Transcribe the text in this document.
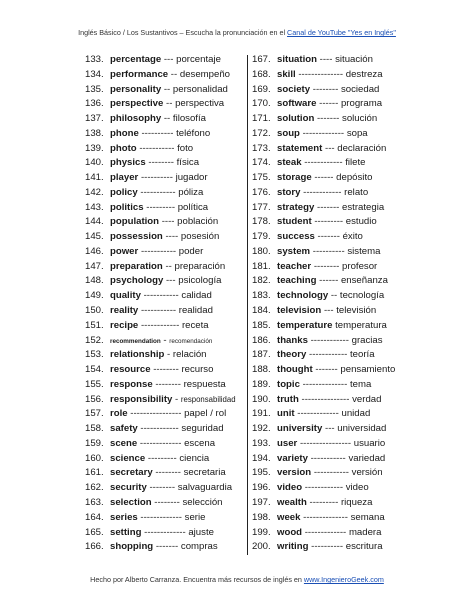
Inglés Básico / Los Sustantivos – Escucha la pronunciación en el Canal de YouTube "Yes en Inglés"
133. percentage --- porcentaje
134. performance -- desempeño
135. personality -- personalidad
136. perspective -- perspectiva
137. philosophy -- filosofía
138. phone ---------- teléfono
139. photo ----------- foto
140. physics -------- física
141. player ---------- jugador
142. policy ----------- póliza
143. politics --------- política
144. population ---- población
145. possession ---- posesión
146. power ----------- poder
147. preparation -- preparación
148. psychology --- psicología
149. quality ----------- calidad
150. reality ----------- realidad
151. recipe ------------ receta
152. recommendation - recomendación
153. relationship - relación
154. resource -------- recurso
155. response -------- respuesta
156. responsibility - responsabilidad
157. role ---------------- papel / rol
158. safety ------------ seguridad
159. scene ------------- escena
160. science --------- ciencia
161. secretary -------- secretaria
162. security -------- salvaguardia
163. selection -------- selección
164. series ------------- serie
165. setting ------------- ajuste
166. shopping ------- compras
167. situation ---- situación
168. skill -------------- destreza
169. society -------- sociedad
170. software ------ programa
171. solution ------- solución
172. soup ------------- sopa
173. statement --- declaración
174. steak ------------ filete
175. storage ------ depósito
176. story ------------ relato
177. strategy ------- estrategia
178. student --------- estudio
179. success ------- éxito
180. system ---------- sistema
181. teacher -------- profesor
182. teaching ------ enseñanza
183. technology -- tecnología
184. television --- televisión
185. temperature temperatura
186. thanks ------------ gracias
187. theory ------------ teoría
188. thought ------- pensamiento
189. topic -------------- tema
190. truth --------------- verdad
191. unit ------------- unidad
192. university --- universidad
193. user ---------------- usuario
194. variety ----------- variedad
195. version ----------- versión
196. video ------------ video
197. wealth --------- riqueza
198. week -------------- semana
199. wood ------------- madera
200. writing ---------- escritura
Hecho por Alberto Carranza. Encuentra más recursos de inglés en www.IngenieroGeek.com
